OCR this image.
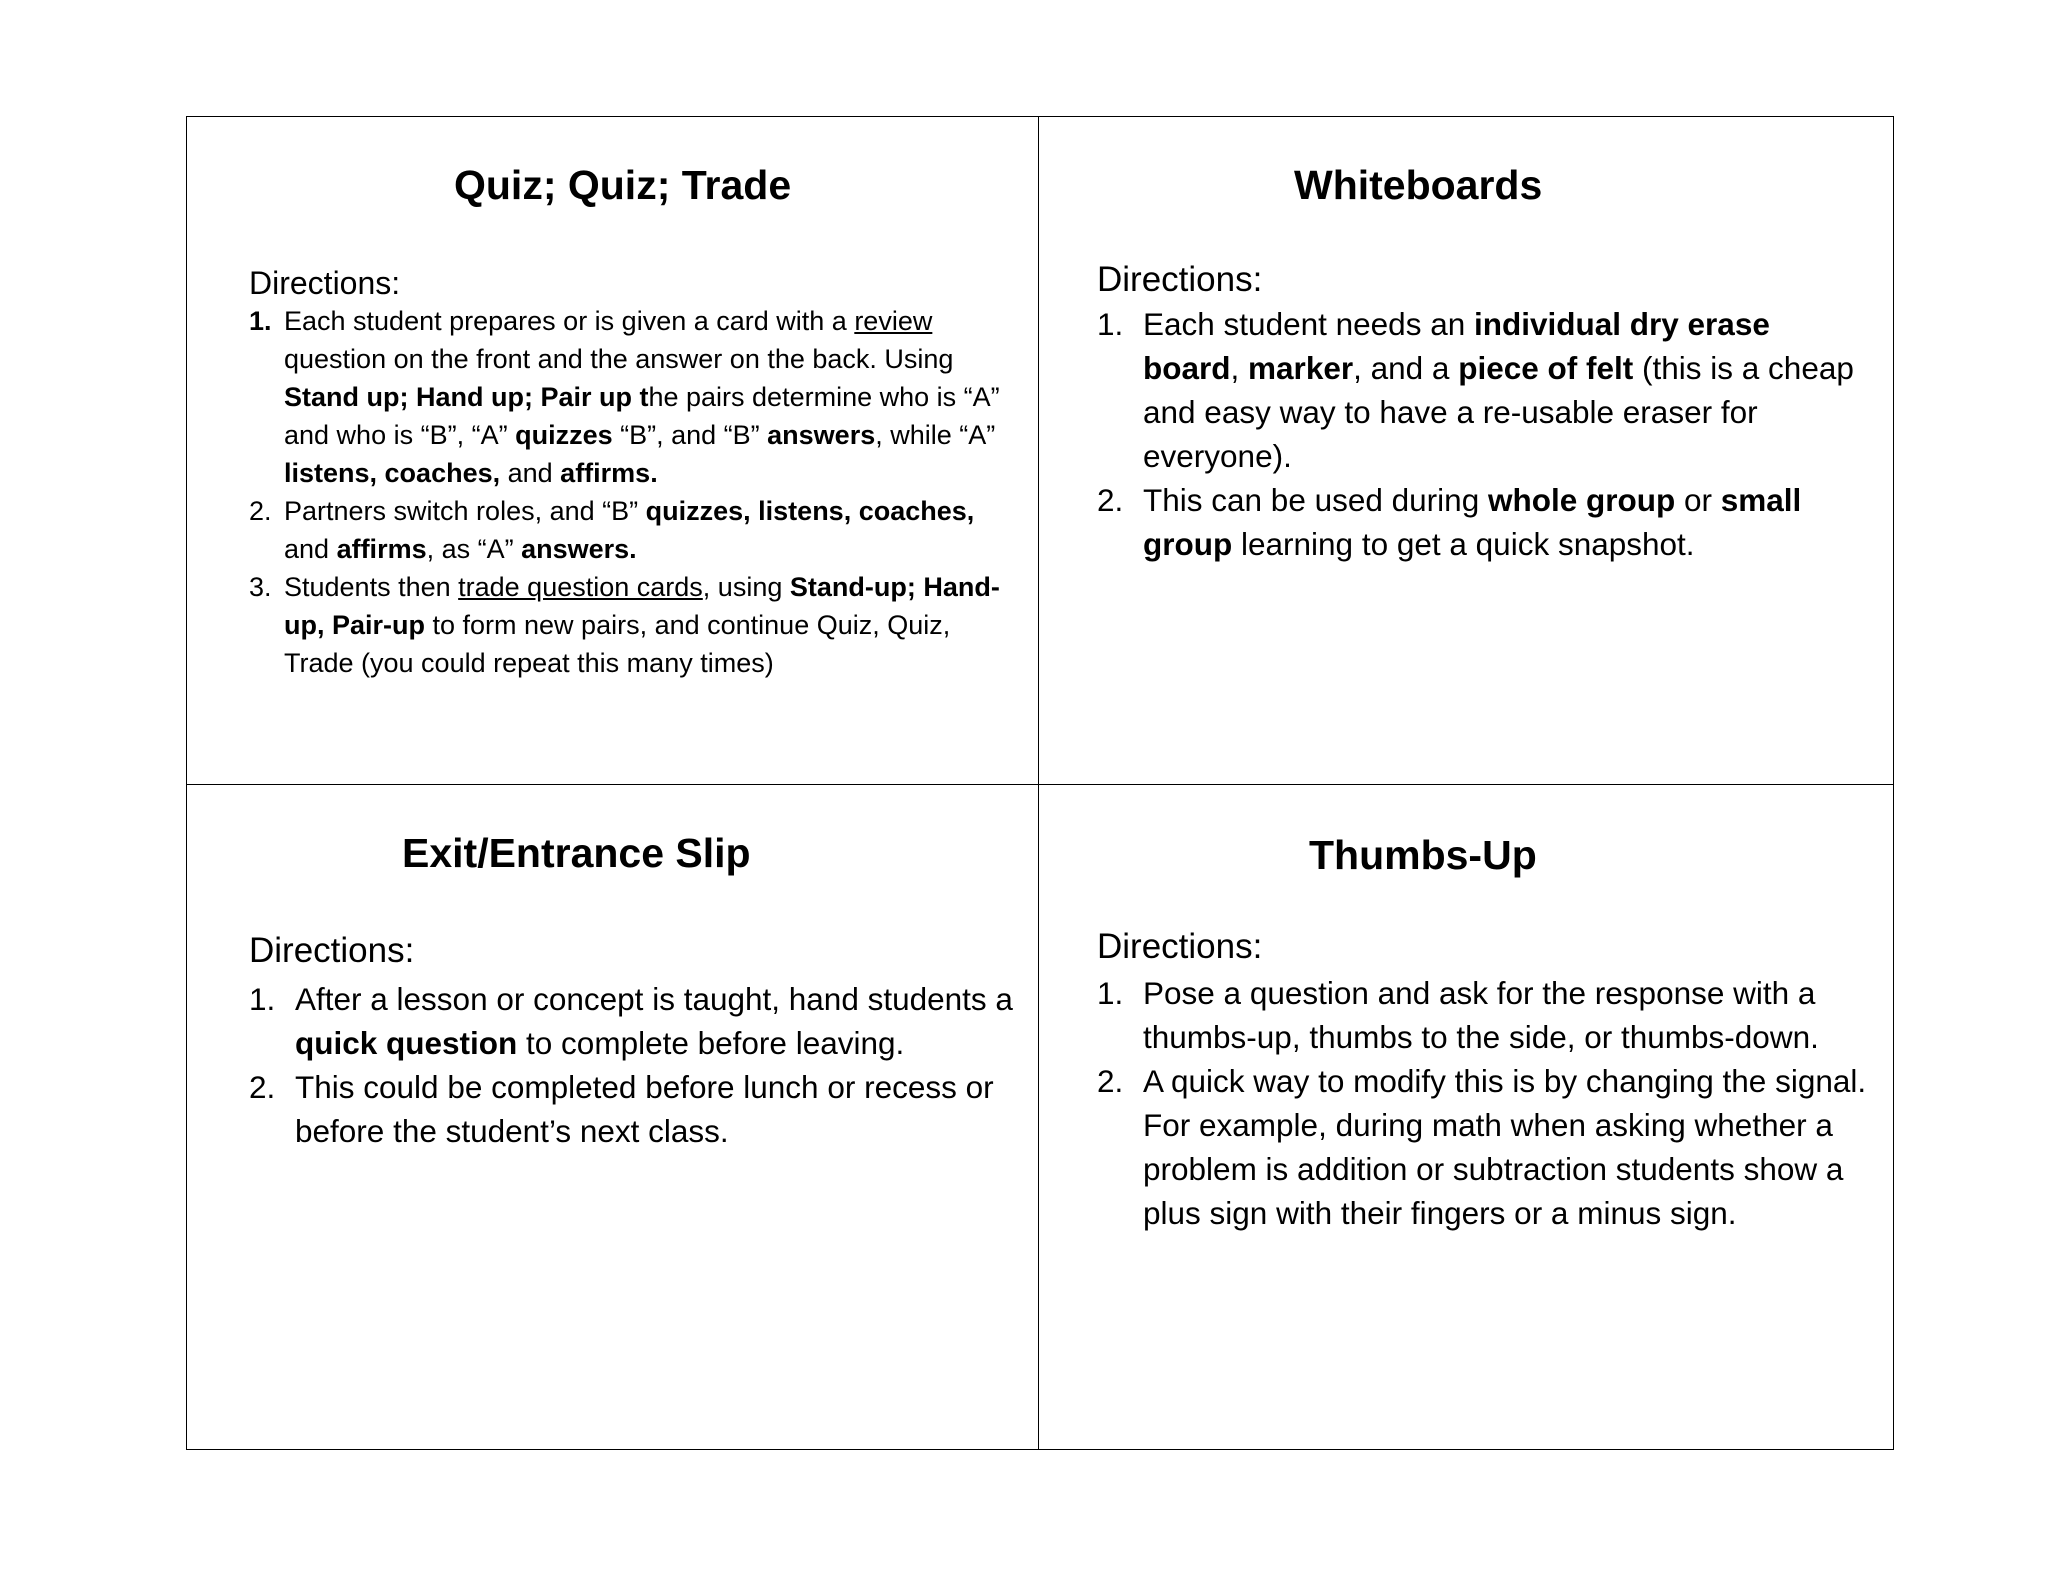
Quiz; Quiz; Trade

Directions:

1. Each student prepares or is given a card with a review question on the front and the answer on the back. Using Stand up; Hand up; Pair up the pairs determine who is “A” and who is “B”, “A” quizzes “B”, and “B” answers, while “A” listens, coaches, and affirms.
2. Partners switch roles, and “B” quizzes, listens, coaches, and affirms, as “A” answers.
3. Students then trade question cards, using Stand-up; Hand-up, Pair-up to form new pairs, and continue Quiz, Quiz, Trade (you could repeat this many times)
Whiteboards

Directions:

1. Each student needs an individual dry erase board, marker, and a piece of felt (this is a cheap and easy way to have a re-usable eraser for everyone).
2. This can be used during whole group or small group learning to get a quick snapshot.
Exit/Entrance Slip

Directions:

1. After a lesson or concept is taught, hand students a quick question to complete before leaving.
2. This could be completed before lunch or recess or before the student’s next class.
Thumbs-Up

Directions:

1. Pose a question and ask for the response with a thumbs-up, thumbs to the side, or thumbs-down.
2. A quick way to modify this is by changing the signal. For example, during math when asking whether a problem is addition or subtraction students show a plus sign with their fingers or a minus sign.
